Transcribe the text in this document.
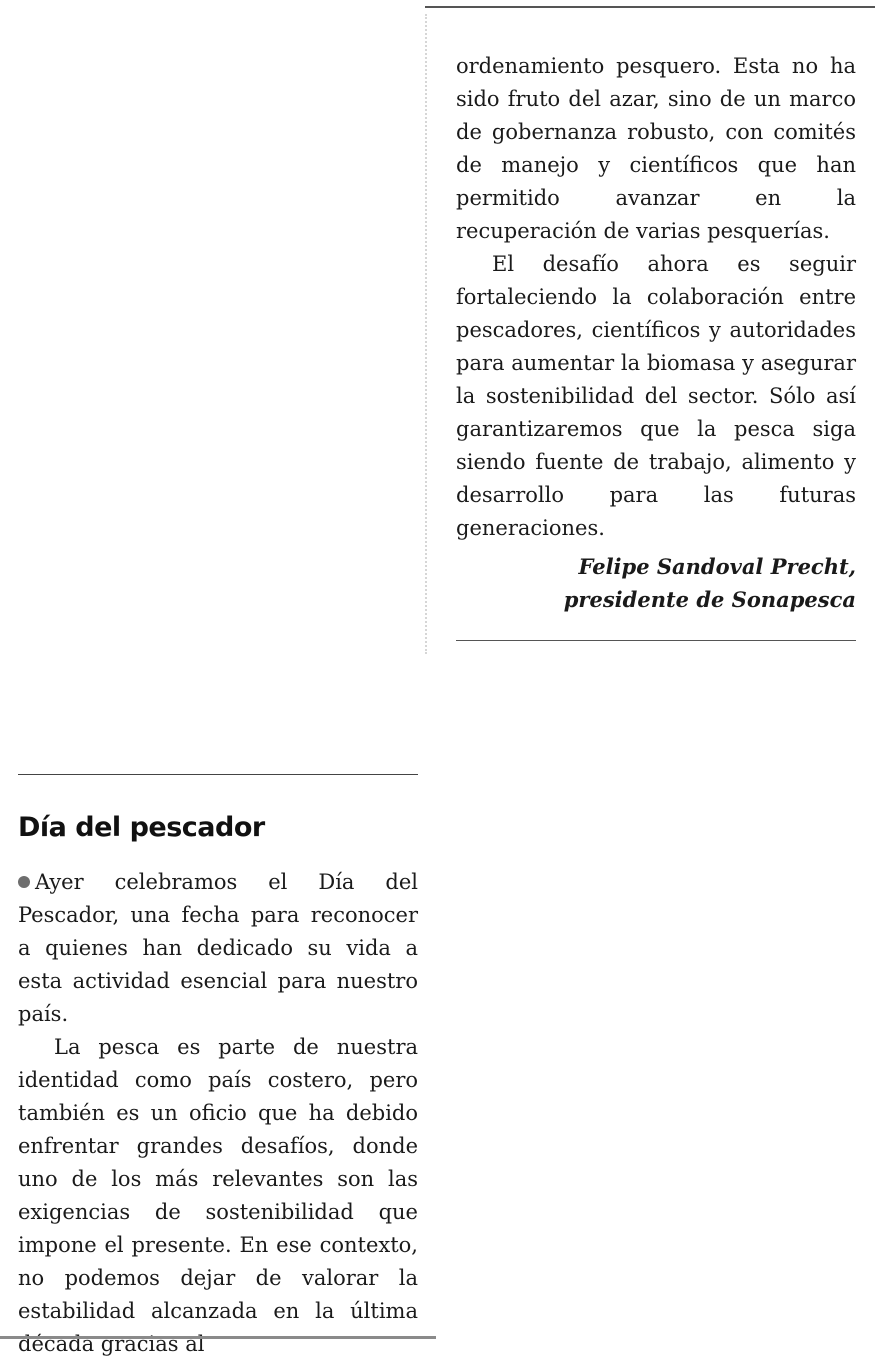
ordenamiento pesquero. Esta no ha sido fruto del azar, sino de un marco de gobernanza robusto, con comités de manejo y científicos que han permitido avanzar en la recuperación de varias pesquerías.

El desafío ahora es seguir fortaleciendo la colaboración entre pescadores, científicos y autoridades para aumentar la biomasa y asegurar la sostenibilidad del sector. Sólo así garantizaremos que la pesca siga siendo fuente de trabajo, alimento y desarrollo para las futuras generaciones.

Felipe Sandoval Precht,
presidente de Sonapesca
Día del pescador

Ayer celebramos el Día del Pescador, una fecha para reconocer a quienes han dedicado su vida a esta actividad esencial para nuestro país.

La pesca es parte de nuestra identidad como país costero, pero también es un oficio que ha debido enfrentar grandes desafíos, donde uno de los más relevantes son las exigencias de sostenibilidad que impone el presente. En ese contexto, no podemos dejar de valorar la estabilidad alcanzada en la última década gracias al
